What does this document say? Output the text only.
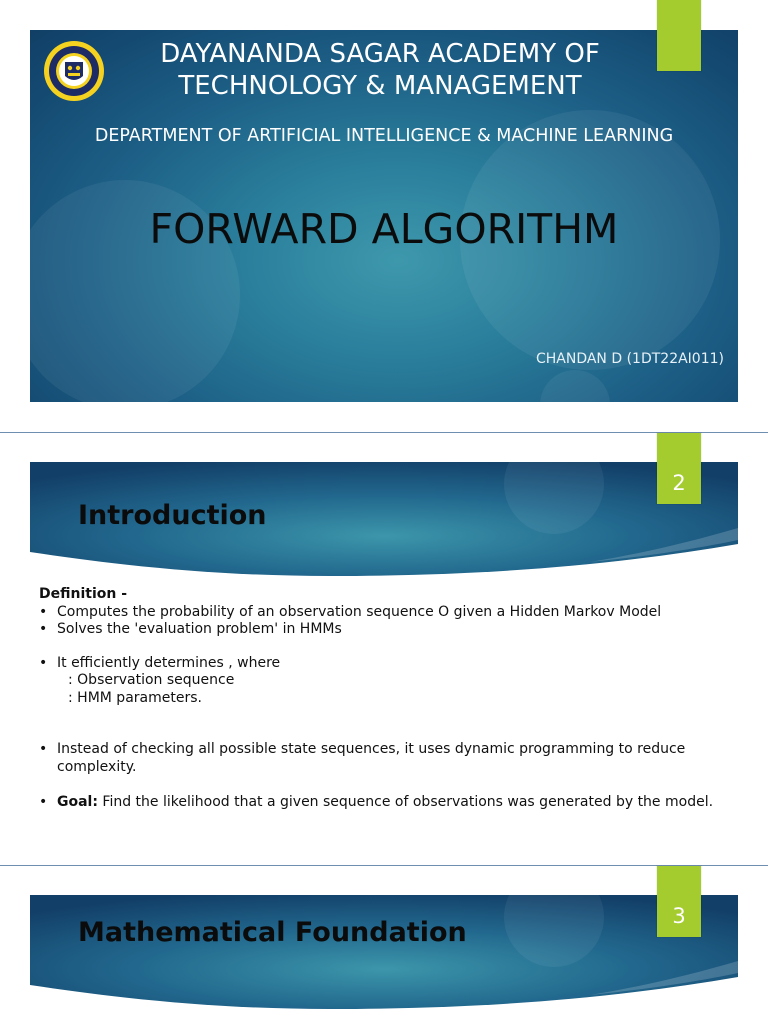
DAYANANDA SAGAR ACADEMY OF
TECHNOLOGY & MANAGEMENT
DEPARTMENT OF ARTIFICIAL INTELLIGENCE & MACHINE LEARNING
FORWARD ALGORITHM
CHANDAN D (1DT22AI011)
Introduction
2
Definition -
• Computes the probability of an observation sequence O given a Hidden Markov Model
• Solves the 'evaluation problem' in HMMs
• It efficiently determines , where
: Observation sequence
: HMM parameters.
• Instead of checking all possible state sequences, it uses dynamic programming to reduce complexity.
• Goal: Find the likelihood that a given sequence of observations was generated by the model.
Mathematical Foundation
3
